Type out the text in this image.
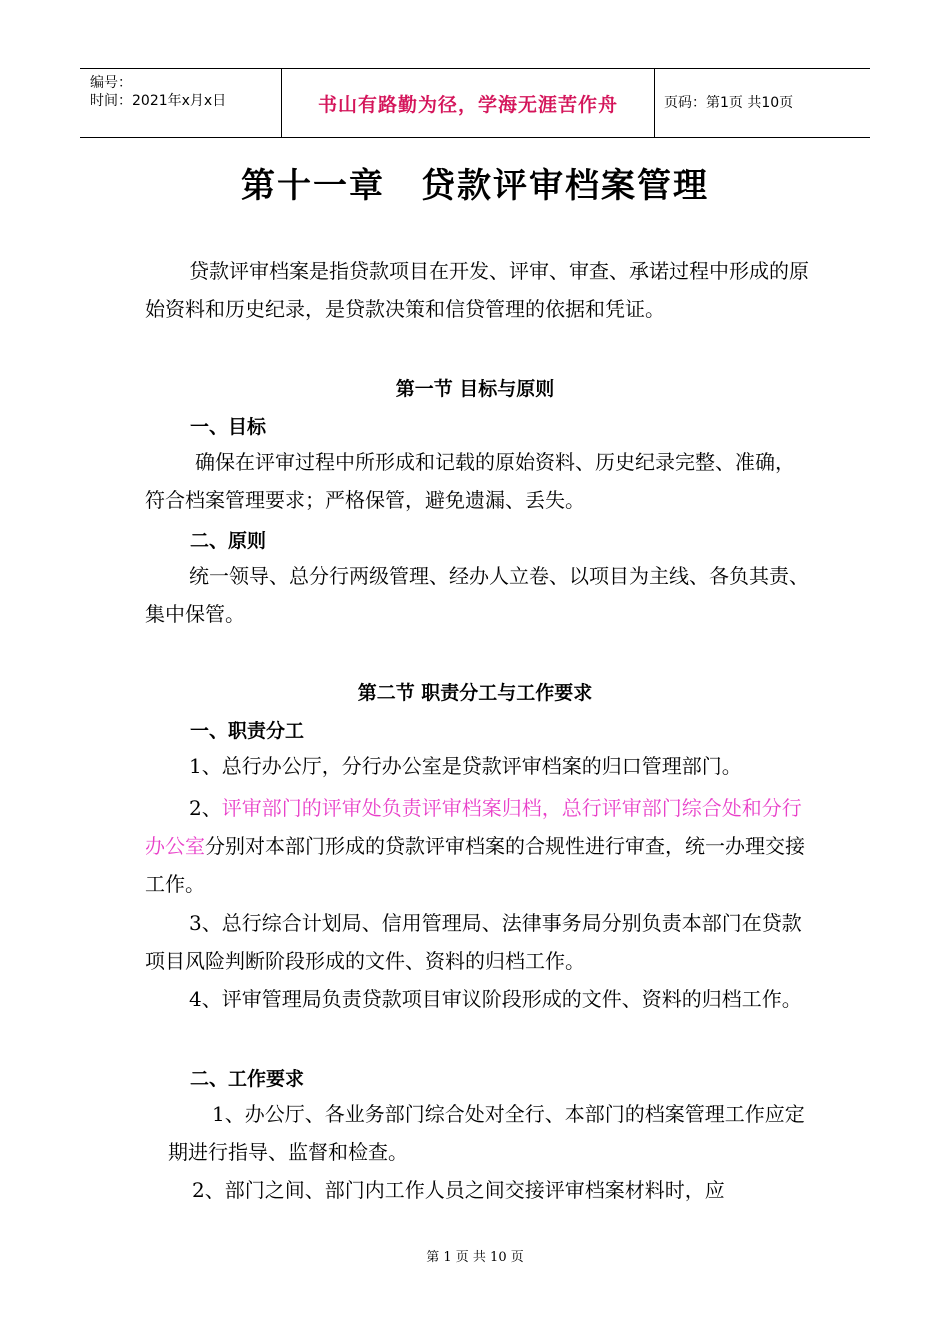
编号：
时间：2021年x月x日	书山有路勤为径，学海无涯苦作舟	页码：第1页 共10页
第十一章　贷款评审档案管理

贷款评审档案是指贷款项目在开发、评审、审查、承诺过程中形成的原始资料和历史纪录，是贷款决策和信贷管理的依据和凭证。

第一节 目标与原则
一、目标

确保在评审过程中所形成和记载的原始资料、历史纪录完整、准确，符合档案管理要求；严格保管，避免遗漏、丢失。

二、原则

统一领导、总分行两级管理、经办人立卷、以项目为主线、各负其责、集中保管。

第二节 职责分工与工作要求
一、职责分工

1、总行办公厅，分行办公室是贷款评审档案的归口管理部门。

2、评审部门的评审处负责评审档案归档，总行评审部门综合处和分行办公室分别对本部门形成的贷款评审档案的合规性进行审查，统一办理交接工作。

3、总行综合计划局、信用管理局、法律事务局分别负责本部门在贷款项目风险判断阶段形成的文件、资料的归档工作。

4、评审管理局负责贷款项目审议阶段形成的文件、资料的归档工作。

二、工作要求

1、办公厅、各业务部门综合处对全行、本部门的档案管理工作应定期进行指导、监督和检查。

2、部门之间、部门内工作人员之间交接评审档案材料时，应

第 1 页 共 10 页
